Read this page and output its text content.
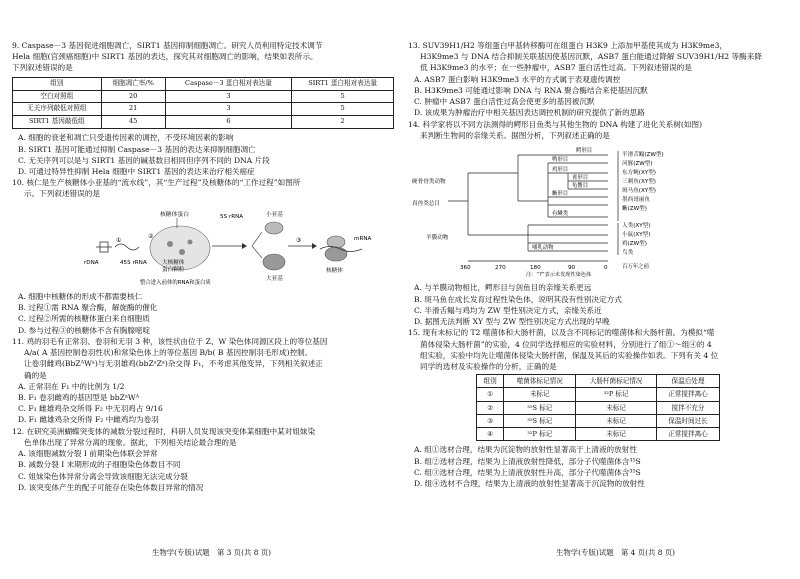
9. Caspase－3 基因促进细胞凋亡，SIRT1 基因抑制细胞凋亡。研究人员利用特定技术调节

Hela 细胞(宫颈癌细胞)中 SIRT1 基因的表达，探究其对细胞凋亡的影响，结果如表所示。

下列叙述错误的是

组别	细胞凋亡率/%	Caspase－3 蛋白相对表达量	SIRT1 蛋白相对表达量
空白对照组	20	3	5
无关序列敲低对照组	21	3	5
SIRT1 基因敲低组	45	6	2

A. 细胞的衰老和凋亡只受遗传因素的调控，不受环境因素的影响

B. SIRT1 基因可能通过抑制 Caspase－3 基因的表达来抑制细胞凋亡

C. 无关序列可以是与 SIRT1 基因的碱基数目相同但序列不同的 DNA 片段

D. 可通过特异性抑制 Hela 细胞中 SIRT1 基因的表达来治疗相关癌症

10. 核仁是生产核糖体小亚基的“流水线”，其“生产过程”及核糖体的“工作过程”如图所

示。下列叙述错误的是

rDNA
①
45S rRNA
核糖体蛋白
大核糖体
蛋白颗粒
②
5S rRNA	小亚基
大亚基
③	mRNA
核糖体
整合进入前体的RNA和蛋白质

A. 细胞中核糖体的形成不都需要核仁

B. 过程①需 RNA 聚合酶，解旋酶的催化

C. 过程②所需的核糖体蛋白来自细胞质

D. 参与过程③的核糖体不含有胸腺嘧啶

11. 鸡的羽毛有正常羽、卷羽和无羽 3 种，该性状由位于 Z、W 染色体同源区段上的等位基因

A/a( A 基因控制卷羽性状)和常染色体上的等位基因 B/b( B 基因控制羽毛形成)控制。

让卷羽雌鸡(BbZᴬWᵃ)与无羽雄鸡(bbZᵃZᵃ)杂交得 F₁，不考虑其他变异，下列相关叙述正

确的是

A. 正常羽在 F₁ 中的比例为 1/2

B. F₁ 卷羽雌鸡的基因型是 bbZᵃWᴬ

C. F₁ 雌雄鸡杂交所得 F₂ 中无羽鸡占 9/16

D. F₁ 雌雄鸡杂交所得 F₂ 中雌鸡均为卷羽

12. 在研究美洲蝴蝶突变体的减数分裂过程时，科研人员发现该突变体某细胞中某对姐妹染

色单体出现了异常分离的现象。据此，下列相关结论最合理的是

A. 该细胞减数分裂 Ⅰ 前期染色体联会异常

B. 减数分裂 Ⅰ 末期形成的子细胞染色体数目不同

C. 姐妹染色体异常分离会导致该细胞无法完成分裂

D. 该突变体产生的配子可能存在染色体数目异常的情况

13. SUV39H1/H2 等组蛋白甲基转移酶可在组蛋白 H3K9 上添加甲基使其成为 H3K9me3，

H3K9me3 与 DNA 结合抑制关联基因使基因沉默，ASB7 蛋白能通过降解 SUV39H1/H2 等酶来降

低 H3K9me3 的水平；在一些肿瘤中，ASB7 蛋白活性过高。下列叙述错误的是

A. ASB7 蛋白影响 H3K9me3 水平的方式属于表观遗传调控

B. H3K9me3 可能通过影响 DNA 与 RNA 聚合酶结合来使基因沉默

C. 肿瘤中 ASB7 蛋白活性过高会使更多的基因被沉默

D. 该成果为肿瘤治疗中相关基因表达调控机制的研究提供了新的思路

14. 科学家将以不同方法测得的鳄形目鱼类与其他生物的 DNA 构建了进化关系树(如图)

来判断生物间的亲缘关系。据图分析，下列叙述正确的是

硬骨骨类动物
真兽类总目
羊膜动物
鳄形目
鸭形目
鸡形目
雀形目
龟鳖目
蜥形目
有鳞类
哺乳动物
半滑舌鳎(ZW型)
河豚(ZW型)
东方鲀(XY型)
三刺鱼(XY型)
斑马鱼(XY型)
墨西哥丽鱼
蜥(ZW型)
人类(XY型)
小鼠(XY型)
鸡(ZW型)
鸟类
360	270	180	90	0	百万年之前
注：“?”表示未发现性染色体

A. 与羊膜动物相比，鳄形目与剑鱼目的亲缘关系更远

B. 斑马鱼在成长发育过程性染色体，说明其没有性别决定方式

C. 半滑舌鳎与鸡均为 ZW 型性别决定方式，亲缘关系近

D. 据图无法判断 XY 型与 ZW 型性别决定方式出现的早晚

15. 现有未标记的 T2 噬菌体和大肠杆菌，以及含不同标记的噬菌体和大肠杆菌。为模拟“噬

菌体侵染大肠杆菌”的实验，4 位同学选择相应的实验材料，分别进行了组①～组④的 4

组实验，实验中均先让噬菌体侵染大肠杆菌，保温及其后的实验操作如表。下列有关 4 位

同学的选材及实验操作的分析，正确的是

组别	噬菌体标记情况	大肠杆菌标记情况	保温后处理
①	未标记	³²P 标记	正常搅拌离心
②	³⁵S 标记	未标记	搅拌不充分
③	³⁵S 标记	未标记	保温时间过长
④	³²P 标记	未标记	正常搅拌离心

A. 组①选材合理，结果为沉淀物的放射性显著高于上清液的放射性

B. 组②选材合理，结果为上清液放射性降低，部分子代噬菌体含³⁵S

C. 组③选材合理，结果为上清液放射性升高，部分子代噬菌体含³⁵S

D. 组④选材不合理，结果为上清液的放射性显著高于沉淀物的放射性

生物学(专版)试题　第 3 页(共 8 页)	生物学(专版)试题　第 4 页(共 8 页)
